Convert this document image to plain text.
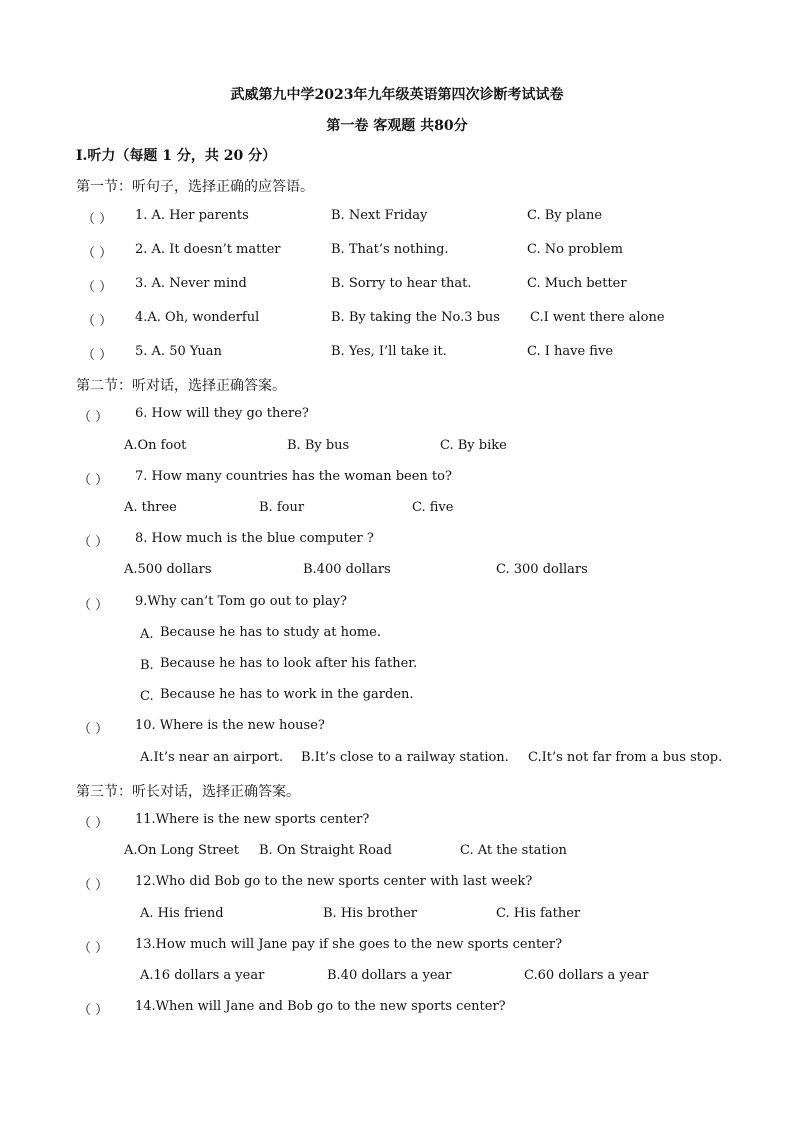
武威第九中学2023年九年级英语第四次诊断考试试卷
第一卷 客观题 共80分
I.听力（每题 1 分，共 20 分）
第一节：听句子，选择正确的应答语。
（ ） 1. A. Her parents	B. Next Friday	C. By plane
（ ） 2. A. It doesn’t matter	B. That’s nothing.	C. No problem
（ ） 3. A. Never mind	B. Sorry to hear that.	C. Much better
（ ） 4.A. Oh, wonderful	B. By taking the No.3 bus C.I went there alone
（ ） 5. A. 50 Yuan	B. Yes, I’ll take it.	C. I have five
第二节：听对话，选择正确答案。
（ ） 6. How will they go there?
A.On foot	B. By bus	C. By bike
（ ） 7. How many countries has the woman been to?
A. three	B. four	C. five
（ ） 8. How much is the blue computer ?
A.500 dollars	B.400 dollars	C. 300 dollars
（ ） 9.Why can’t Tom go out to play?
A. Because he has to study at home.
B. Because he has to look after his father.
C. Because he has to work in the garden.
（ ） 10. Where is the new house?
A.It’s near an airport. B.It’s close to a railway station. C.It’s not far from a bus stop.
第三节：听长对话，选择正确答案。
（ ） 11.Where is the new sports center?
A.On Long Street B. On Straight Road	C. At the station
（ ） 12.Who did Bob go to the new sports center with last week?
A. His friend	B. His brother	C. His father
（ ） 13.How much will Jane pay if she goes to the new sports center?
A.16 dollars a year	B.40 dollars a year	C.60 dollars a year
（ ） 14.When will Jane and Bob go to the new sports center?
